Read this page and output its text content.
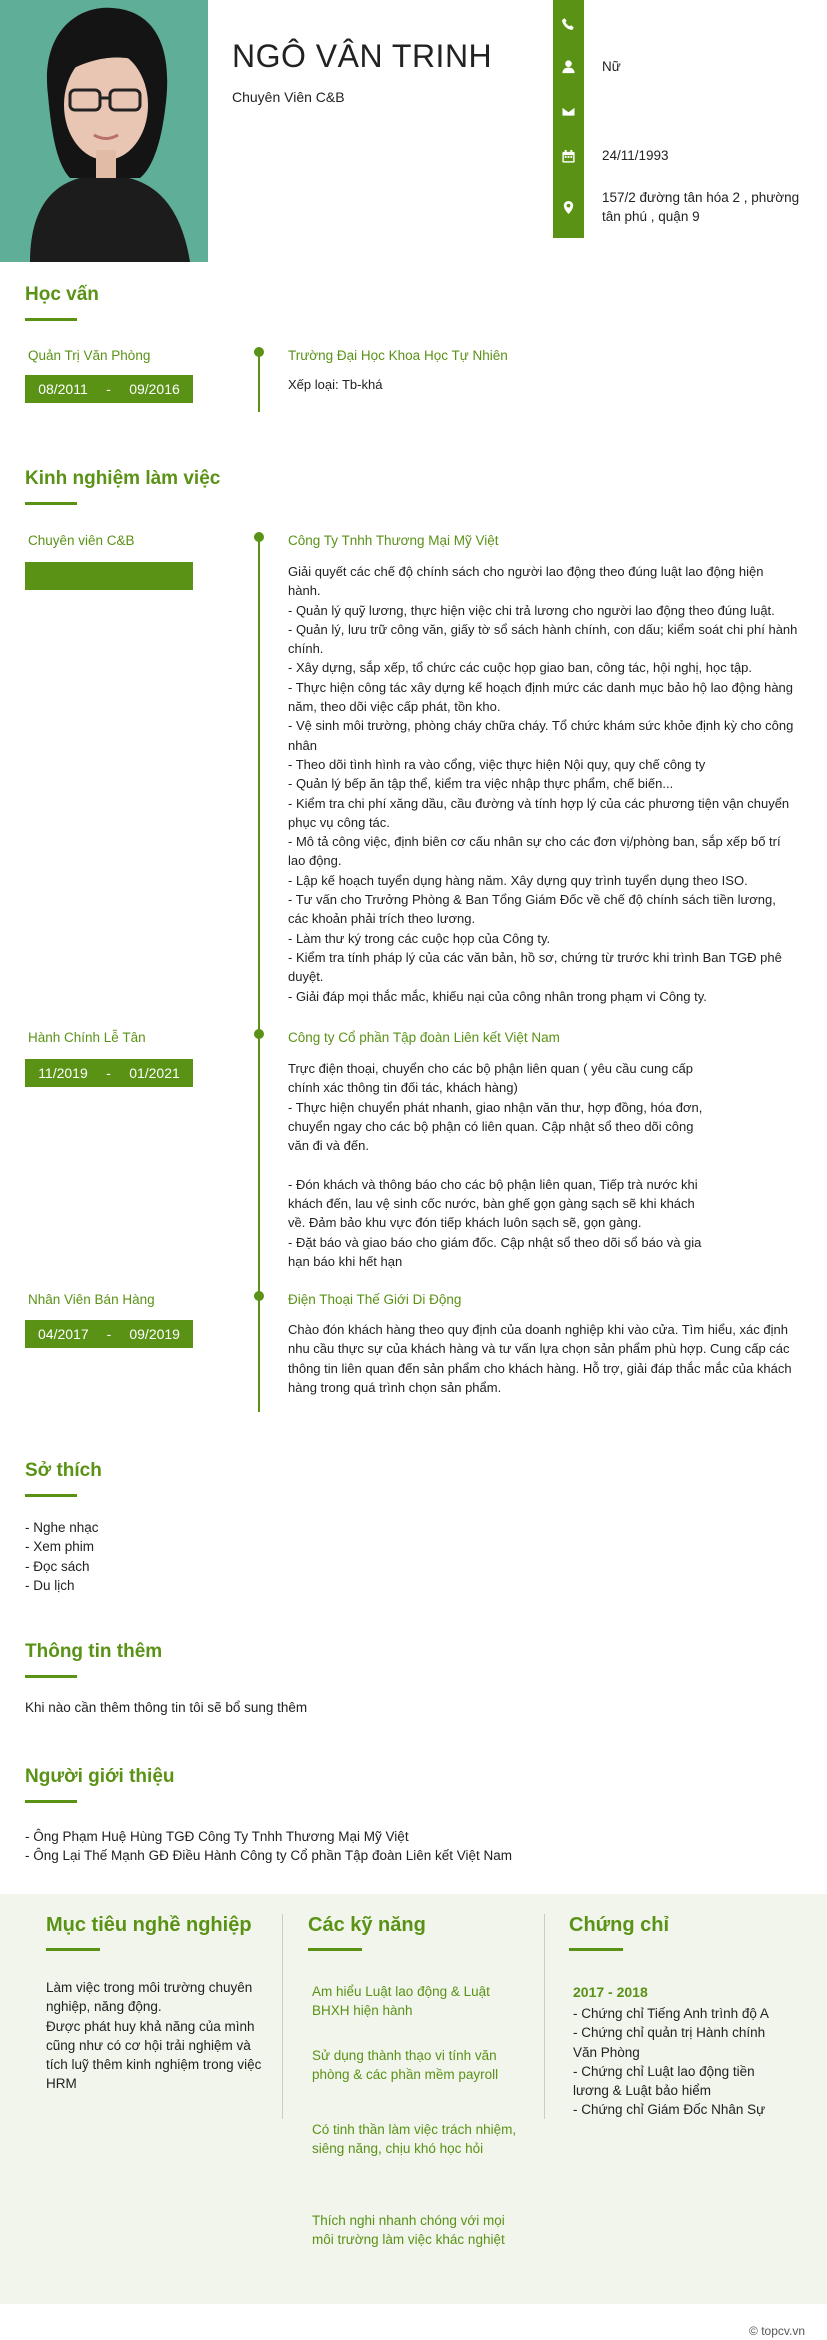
NGÔ VÂN TRINH
Chuyên Viên C&B
Nữ
24/11/1993
157/2 đường tân hóa 2 , phường tân phú , quận 9
Học vấn
Quản Trị Văn Phòng
08/2011 - 09/2016
Trường Đại Học Khoa Học Tự Nhiên
Xếp loại: Tb-khá
Kinh nghiệm làm việc
Chuyên viên C&B	Công Ty Tnhh Thương Mại Mỹ Việt
Giải quyết các chế độ chính sách cho người lao động theo đúng luật lao động hiện hành.
- Quản lý quỹ lương, thực hiện việc chi trả lương cho người lao động theo đúng luật.
- Quản lý, lưu trữ công văn, giấy tờ sổ sách hành chính, con dấu; kiểm soát chi phí hành chính.
- Xây dựng, sắp xếp, tổ chức các cuộc họp giao ban, công tác, hội nghị, học tập.
- Thực hiện công tác xây dựng kế hoạch định mức các danh mục bảo hộ lao động hàng năm, theo dõi việc cấp phát, tồn kho.
- Vệ sinh môi trường, phòng cháy chữa cháy. Tổ chức khám sức khỏe định kỳ cho công nhân
- Theo dõi tình hình ra vào cổng, việc thực hiện Nội quy, quy chế công ty
- Quản lý bếp ăn tập thể, kiểm tra việc nhập thực phẩm, chế biến...
- Kiểm tra chi phí xăng dầu, cầu đường và tính hợp lý của các phương tiện vận chuyển phục vụ công tác.
- Mô tả công việc, định biên cơ cấu nhân sự cho các đơn vị/phòng ban, sắp xếp bố trí lao động.
- Lập kế hoạch tuyển dụng hàng năm. Xây dựng quy trình tuyển dụng theo ISO.
- Tư vấn cho Trưởng Phòng & Ban Tổng Giám Đốc về chế độ chính sách tiền lương, các khoản phải trích theo lương.
- Làm thư ký trong các cuộc họp của Công ty.
- Kiểm tra tính pháp lý của các văn bản, hồ sơ, chứng từ trước khi trình Ban TGĐ phê duyệt.
- Giải đáp mọi thắc mắc, khiếu nại của công nhân trong phạm vi Công ty.
Hành Chính Lễ Tân
11/2019 - 01/2021
Công ty Cổ phần Tập đoàn Liên kết Việt Nam
Trực điện thoại, chuyển cho các bộ phận liên quan ( yêu cầu cung cấp
chính xác thông tin đối tác, khách hàng)
- Thực hiện chuyển phát nhanh, giao nhận văn thư, hợp đồng, hóa đơn,
chuyển ngay cho các bộ phận có liên quan. Cập nhật sổ theo dõi công
văn đi và đến.

- Đón khách và thông báo cho các bộ phận liên quan, Tiếp trà nước khi
khách đến, lau vệ sinh cốc nước, bàn ghế gọn gàng sạch sẽ khi khách
về. Đảm bảo khu vực đón tiếp khách luôn sạch sẽ, gọn gàng.
- Đặt báo và giao báo cho giám đốc. Cập nhật sổ theo dõi sổ báo và gia
hạn báo khi hết hạn
Nhân Viên Bán Hàng
04/2017 - 09/2019
Điện Thoại Thế Giới Di Động
Chào đón khách hàng theo quy định của doanh nghiệp khi vào cửa. Tìm hiểu, xác định nhu cầu thực sự của khách hàng và tư vấn lựa chọn sản phẩm phù hợp. Cung cấp các thông tin liên quan đến sản phẩm cho khách hàng. Hỗ trợ, giải đáp thắc mắc của khách hàng trong quá trình chọn sản phẩm.
Sở thích
- Nghe nhạc
- Xem phim
- Đọc sách
- Du lịch
Thông tin thêm
Khi nào cần thêm thông tin tôi sẽ bổ sung thêm
Người giới thiệu
- Ông Phạm Huệ Hùng TGĐ Công Ty Tnhh Thương Mại Mỹ Việt
- Ông Lại Thế Mạnh GĐ Điều Hành Công ty Cổ phần Tập đoàn Liên kết Việt Nam
Mục tiêu nghề nghiệp
Làm việc trong môi trường chuyên nghiệp, năng động.
Được phát huy khả năng của mình cũng như có cơ hội trải nghiệm và tích luỹ thêm kinh nghiệm trong việc HRM
Các kỹ năng
Am hiểu Luật lao động & Luật BHXH hiện hành
Sử dụng thành thạo vi tính văn phòng & các phần mềm payroll
Có tinh thần làm việc trách nhiệm, siêng năng, chịu khó học hỏi
Thích nghi nhanh chóng với mọi môi trường làm việc khác nghiệt
Chứng chỉ
2017 - 2018
- Chứng chỉ Tiếng Anh trình độ A
- Chứng chỉ quản trị Hành chính Văn Phòng
- Chứng chỉ Luật lao động tiền lương & Luật bảo hiểm
- Chứng chỉ Giám Đốc Nhân Sự
© topcv.vn
